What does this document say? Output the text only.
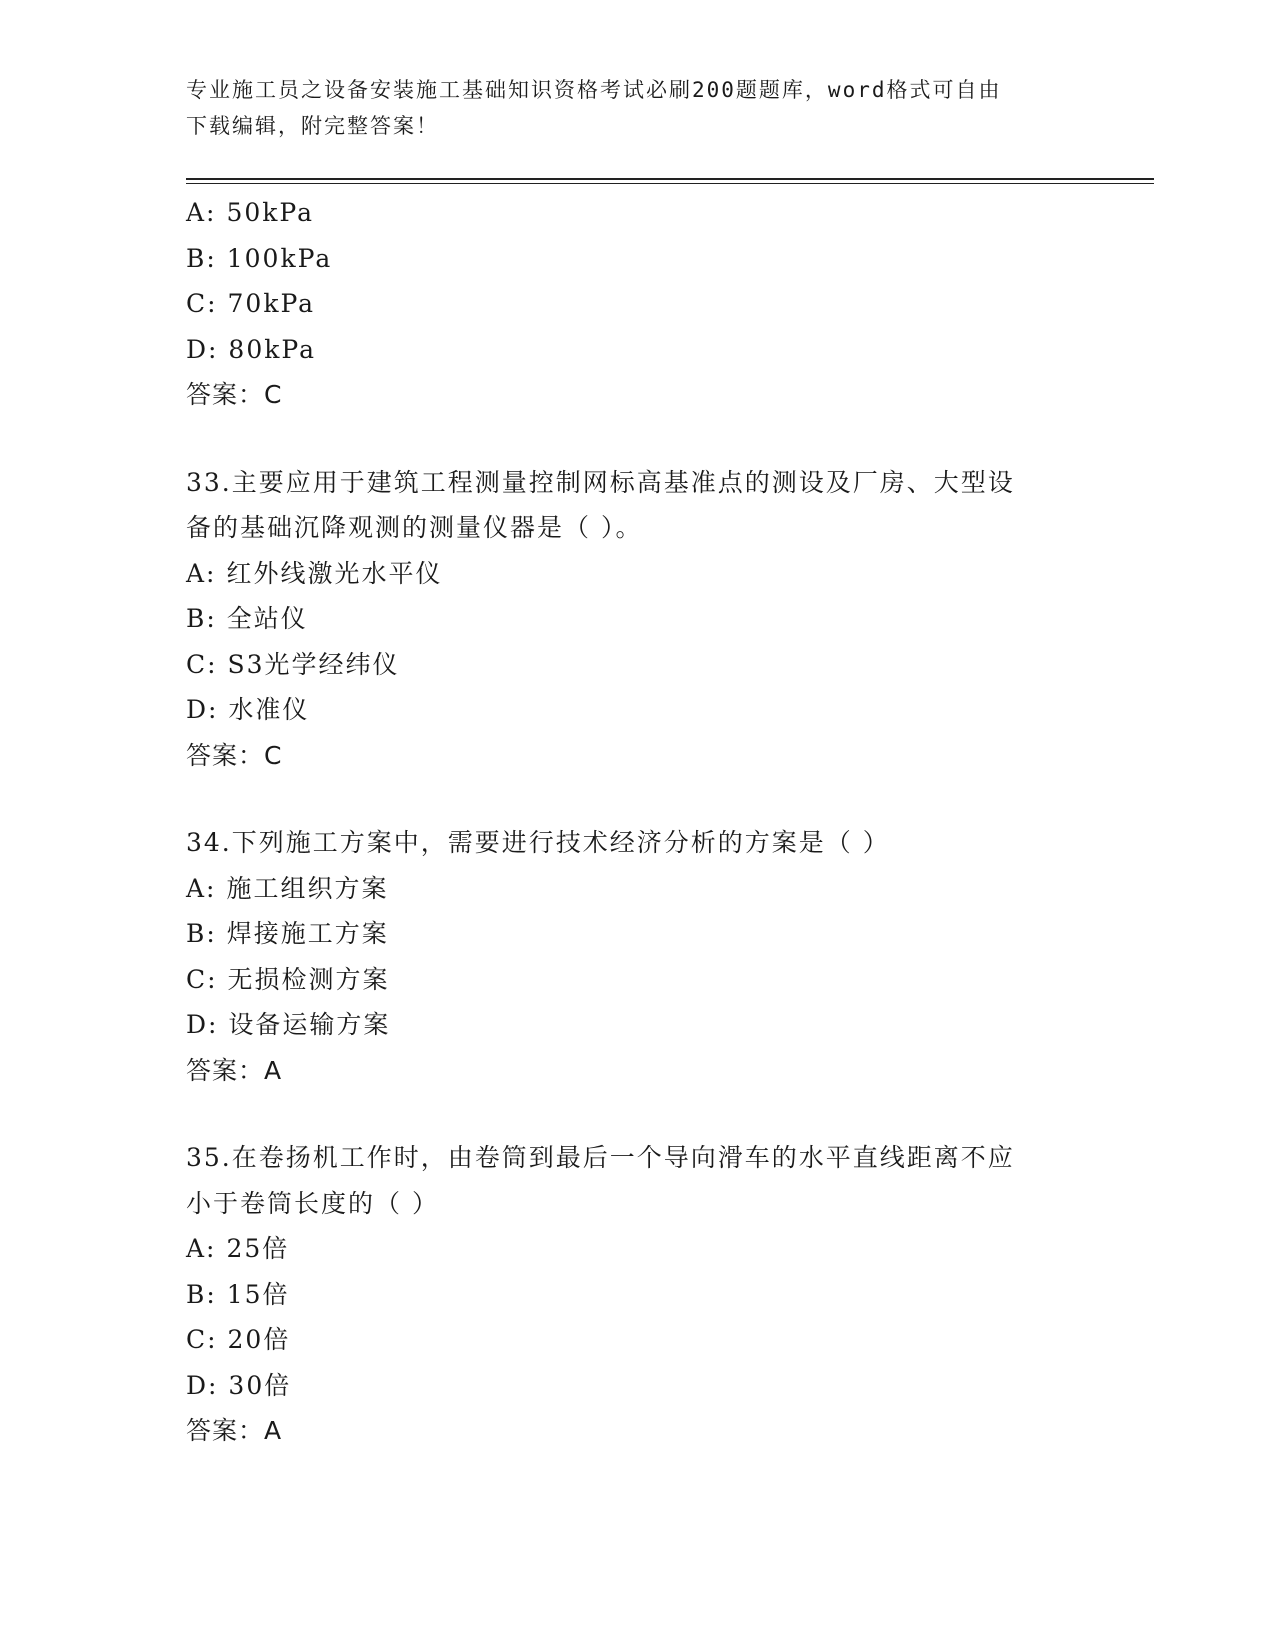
专业施工员之设备安装施工基础知识资格考试必刷200题题库，word格式可自由
下载编辑，附完整答案！
A: 50kPa
B: 100kPa
C: 70kPa
D: 80kPa
答案：C
33.主要应用于建筑工程测量控制网标高基准点的测设及厂房、大型设
备的基础沉降观测的测量仪器是（ ）。
A: 红外线激光水平仪
B: 全站仪
C: S3光学经纬仪
D: 水准仪
答案：C
34.下列施工方案中，需要进行技术经济分析的方案是（ ）
A: 施工组织方案
B: 焊接施工方案
C: 无损检测方案
D: 设备运输方案
答案：A
35.在卷扬机工作时，由卷筒到最后一个导向滑车的水平直线距离不应
小于卷筒长度的（ ）
A: 25倍
B: 15倍
C: 20倍
D: 30倍
答案：A
